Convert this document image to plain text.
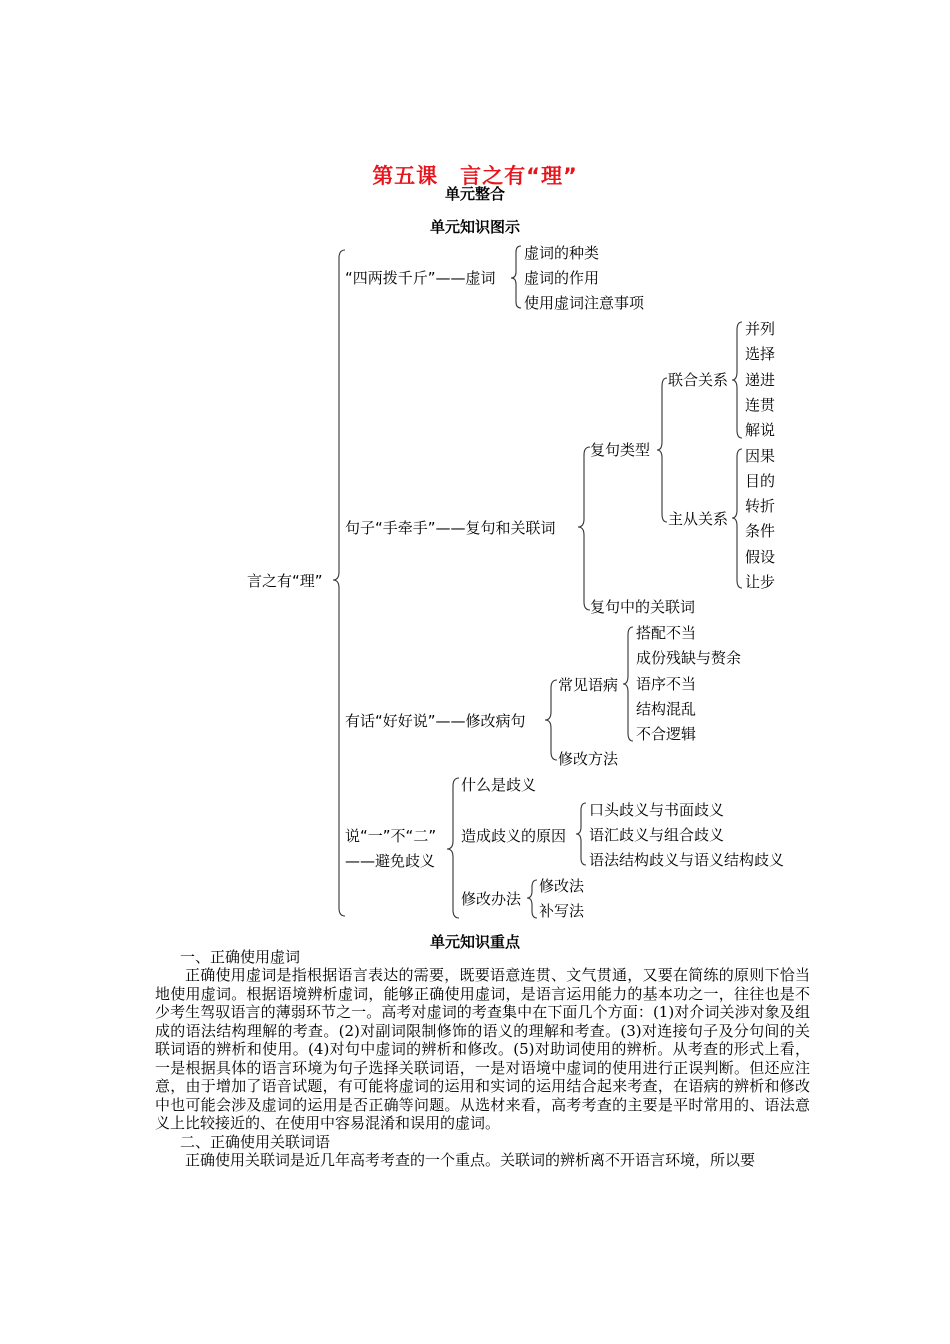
第五课　言之有“理”
单元整合
单元知识图示
言之有“理”
“四两拨千斤”——虚词
虚词的种类
虚词的作用
使用虚词注意事项
句子“手牵手”——复句和关联词
复句类型
联合关系
并列
选择
递进
连贯
解说
主从关系
因果
目的
转折
条件
假设
让步
复句中的关联词
有话“好好说”——修改病句
常见语病
搭配不当
成份残缺与赘余
语序不当
结构混乱
不合逻辑
修改方法
说“一”不“二”
——避免歧义
什么是歧义
造成歧义的原因
口头歧义与书面歧义
语汇歧义与组合歧义
语法结构歧义与语义结构歧义
修改办法
修改法
补写法
单元知识重点
一、正确使用虚词
正确使用虚词是指根据语言表达的需要，既要语意连贯、文气贯通，又要在简练的原则下恰当地使用虚词。根据语境辨析虚词，能够正确使用虚词，是语言运用能力的基本功之一，往往也是不少考生驾驭语言的薄弱环节之一。高考对虚词的考查集中在下面几个方面：(1)对介词关涉对象及组成的语法结构理解的考查。(2)对副词限制修饰的语义的理解和考查。(3)对连接句子及分句间的关联词语的辨析和使用。(4)对句中虚词的辨析和修改。(5)对助词使用的辨析。从考查的形式上看，一是根据具体的语言环境为句子选择关联词语，一是对语境中虚词的使用进行正误判断。但还应注意，由于增加了语音试题，有可能将虚词的运用和实词的运用结合起来考查，在语病的辨析和修改中也可能会涉及虚词的运用是否正确等问题。从选材来看，高考考查的主要是平时常用的、语法意义上比较接近的、在使用中容易混淆和误用的虚词。
二、正确使用关联词语
正确使用关联词是近几年高考考查的一个重点。关联词的辨析离不开语言环境，所以要
